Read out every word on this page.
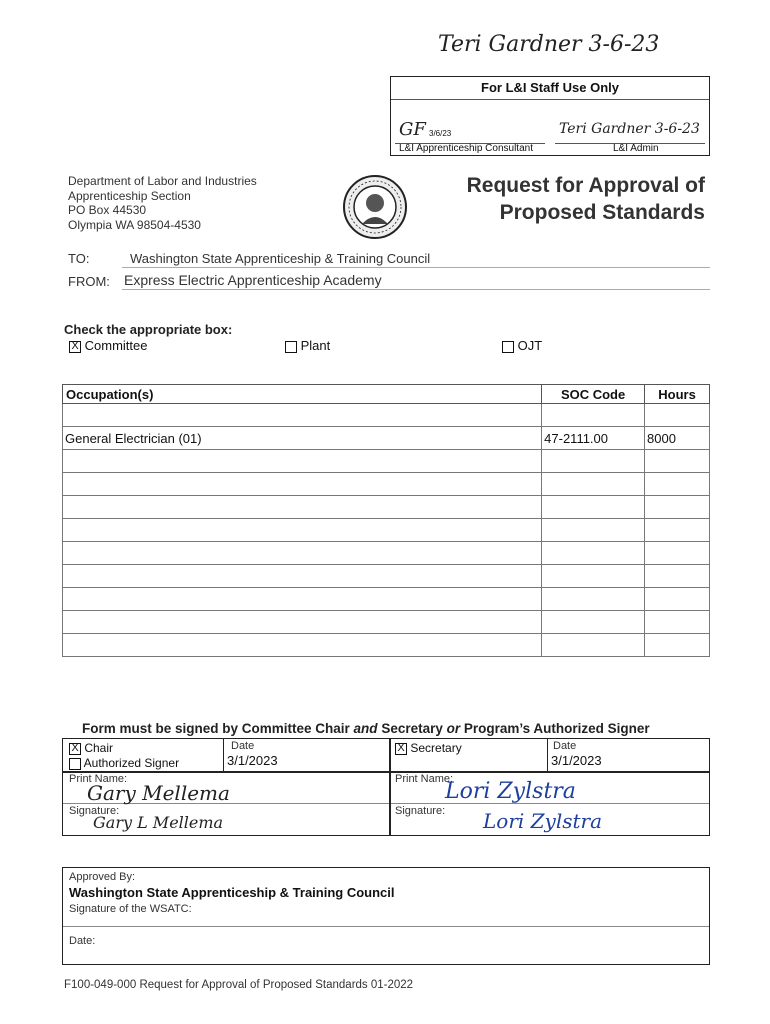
Teri Gardner 3-6-23
For L&I Staff Use Only
GF 3/6/23
L&I Apprenticeship Consultant
Teri Gardner 3-6-23
L&I Admin
Department of Labor and Industries
Apprenticeship Section
PO Box 44530
Olympia WA 98504-4530
Request for Approval of
Proposed Standards
TO:	Washington State Apprenticeship & Training Council
FROM: Express Electric Apprenticeship Academy
Check the appropriate box:
X Committee	Plant	OJT
Occupation(s)	SOC Code	Hours

General Electrician (01)	47-2111.00	8000

Form must be signed by Committee Chair and Secretary or Program’s Authorized Signer
X Chair
Authorized Signer
Date
3/1/2023
X Secretary	Date
3/1/2023
Print Name:
Gary Mellema
Signature:
Gary L Mellema
Print Name:
Lori Zylstra
Signature: Lori Zylstra
Approved By:
Washington State Apprenticeship & Training Council
Signature of the WSATC:
Date:
F100-049-000 Request for Approval of Proposed Standards 01-2022
